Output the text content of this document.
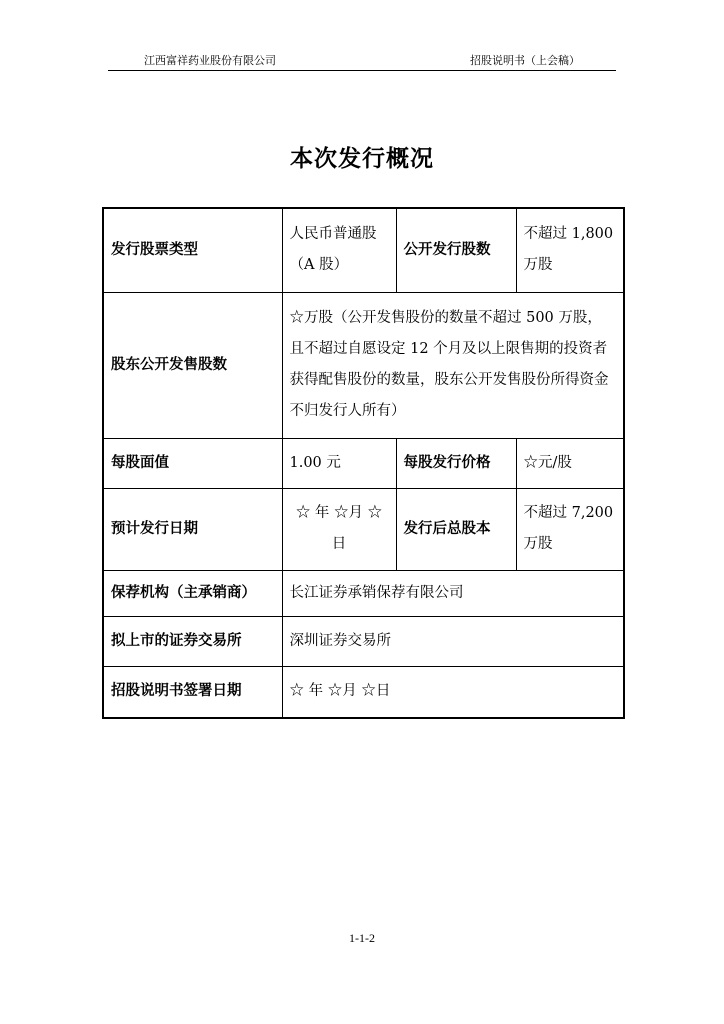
江西富祥药业股份有限公司	招股说明书（上会稿）
本次发行概况
发行股票类型	人民币普通股（A 股）	公开发行股数	不超过 1,800 万股
股东公开发售股数	☆万股（公开发售股份的数量不超过 500 万股，且不超过自愿设定 12 个月及以上限售期的投资者获得配售股份的数量，股东公开发售股份所得资金不归发行人所有）		
每股面值	1.00 元	每股发行价格	☆元/股
预计发行日期	☆ 年 ☆月 ☆日	发行后总股本	不超过 7,200 万股
保荐机构（主承销商）	长江证券承销保荐有限公司		
拟上市的证券交易所	深圳证券交易所		
招股说明书签署日期	☆ 年 ☆月 ☆日		
1-1-2
